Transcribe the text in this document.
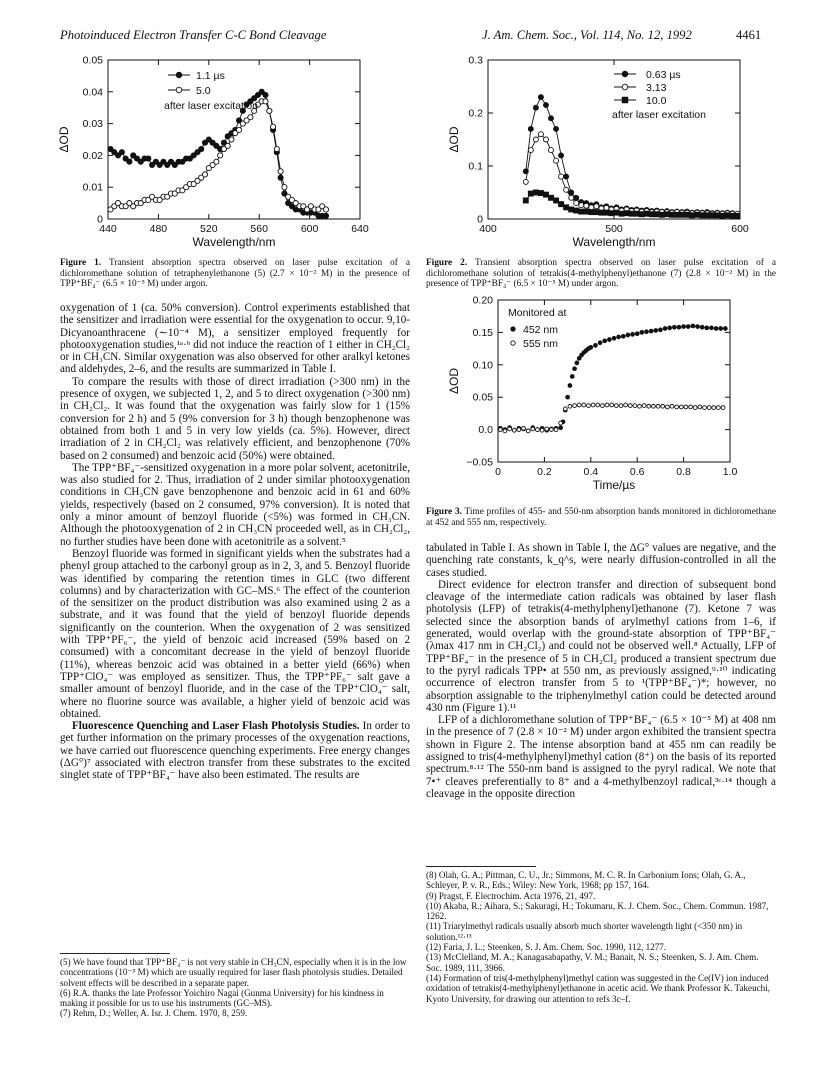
Photoinduced Electron Transfer C-C Bond Cleavage	J. Am. Chem. Soc., Vol. 114, No. 12, 1992	4461
440	480	520	560	600	640
0
0.01
0.02
0.03
0.04
0.05
Wavelength/nm
ΔOD
1.1 µs
5.0
after laser excitation
Figure 1. Transient absorption spectra observed on laser pulse excitation of a dichloromethane solution of tetraphenylethanone (5) (2.7 × 10⁻² M) in the presence of TPP⁺BF₄⁻ (6.5 × 10⁻⁵ M) under argon.
400	500	600
0
0.1
0.2
0.3
Wavelength/nm
ΔOD
0.63 µs
3.13
10.0
after laser excitation
Figure 2. Transient absorption spectra observed on laser pulse excitation of a dichloromethane solution of tetrakis(4-methylphenyl)ethanone (7) (2.8 × 10⁻² M) in the presence of TPP⁺BF₄⁻ (6.5 × 10⁻⁵ M) under argon.
0	0.2	0.4	0.6	0.8	1.0
−0.05
0.0
0.05
0.10
0.15
0.20
Time/µs
ΔOD
Monitored at
452 nm
555 nm
Figure 3. Time profiles of 455- and 550-nm absorption bands monitored in dichloromethane at 452 and 555 nm, respectively.

oxygenation of 1 (ca. 50% conversion). Control experiments established that the sensitizer and irradiation were essential for the oxygenation to occur. 9,10-Dicyanoanthracene (∼10⁻⁴ M), a sensitizer employed frequently for photooxygenation studies,¹ᵃ·ᵇ did not induce the reaction of 1 either in CH₂Cl₂ or in CH₃CN. Similar oxygenation was also observed for other aralkyl ketones and aldehydes, 2–6, and the results are summarized in Table I.

To compare the results with those of direct irradiation (>300 nm) in the presence of oxygen, we subjected 1, 2, and 5 to direct oxygenation (>300 nm) in CH₂Cl₂. It was found that the oxygenation was fairly slow for 1 (15% conversion for 2 h) and 5 (9% conversion for 3 h) though benzophenone was obtained from both 1 and 5 in very low yields (ca. 5%). However, direct irradiation of 2 in CH₂Cl₂ was relatively efficient, and benzophenone (70% based on 2 consumed) and benzoic acid (50%) were obtained.

The TPP⁺BF₄⁻-sensitized oxygenation in a more polar solvent, acetonitrile, was also studied for 2. Thus, irradiation of 2 under similar photooxygenation conditions in CH₃CN gave benzophenone and benzoic acid in 61 and 60% yields, respectively (based on 2 consumed, 97% conversion). It is noted that only a minor amount of benzoyl fluoride (<5%) was formed in CH₃CN. Although the photooxygenation of 2 in CH₃CN proceeded well, as in CH₂Cl₂, no further studies have been done with acetonitrile as a solvent.⁵

Benzoyl fluoride was formed in significant yields when the substrates had a phenyl group attached to the carbonyl group as in 2, 3, and 5. Benzoyl fluoride was identified by comparing the retention times in GLC (two different columns) and by characterization with GC–MS.⁶ The effect of the counterion of the sensitizer on the product distribution was also examined using 2 as a substrate, and it was found that the yield of benzoyl fluoride depends significantly on the counterion. When the oxygenation of 2 was sensitized with TPP⁺PF₆⁻, the yield of benzoic acid increased (59% based on 2 consumed) with a concomitant decrease in the yield of benzoyl fluoride (11%), whereas benzoic acid was obtained in a better yield (66%) when TPP⁺ClO₄⁻ was employed as sensitizer. Thus, the TPP⁺PF₆⁻ salt gave a smaller amount of benzoyl fluoride, and in the case of the TPP⁺ClO₄⁻ salt, where no fluorine source was available, a higher yield of benzoic acid was obtained.

Fluorescence Quenching and Laser Flash Photolysis Studies. In order to get further information on the primary processes of the oxygenation reactions, we have carried out fluorescence quenching experiments. Free energy changes (ΔG°)⁷ associated with electron transfer from these substrates to the excited singlet state of TPP⁺BF₄⁻ have also been estimated. The results are

(5) We have found that TPP⁺BF₄⁻ is not very stable in CH₃CN, especially when it is in the low concentrations (10⁻⁵ M) which are usually required for laser flash photolysis studies. Detailed solvent effects will be described in a separate paper.
(6) R.A. thanks the late Professor Yoichiro Nagai (Gunma University) for his kindness in making it possible for us to use his instruments (GC–MS).
(7) Rehm, D.; Weller, A. Isr. J. Chem. 1970, 8, 259.

tabulated in Table I. As shown in Table I, the ΔG° values are negative, and the quenching rate constants, k_q^s, were nearly diffusion-controlled in all the cases studied.

Direct evidence for electron transfer and direction of subsequent bond cleavage of the intermediate cation radicals was obtained by laser flash photolysis (LFP) of tetrakis(4-methylphenyl)ethanone (7). Ketone 7 was selected since the absorption bands of arylmethyl cations from 1–6, if generated, would overlap with the ground-state absorption of TPP⁺BF₄⁻ (λmax 417 nm in CH₂Cl₂) and could not be observed well.⁸ Actually, LFP of TPP⁺BF₄⁻ in the presence of 5 in CH₂Cl₂ produced a transient spectrum due to the pyryl radicals TPP• at 550 nm, as previously assigned,⁹·¹⁰ indicating occurrence of electron transfer from 5 to ¹(TPP⁺BF₄⁻)*; however, no absorption assignable to the triphenylmethyl cation could be detected around 430 nm (Figure 1).¹¹

LFP of a dichloromethane solution of TPP⁺BF₄⁻ (6.5 × 10⁻⁵ M) at 408 nm in the presence of 7 (2.8 × 10⁻² M) under argon exhibited the transient spectra shown in Figure 2. The intense absorption band at 455 nm can readily be assigned to tris(4-methylphenyl)methyl cation (8⁺) on the basis of its reported spectrum.⁸·¹² The 550-nm band is assigned to the pyryl radical. We note that 7•⁺ cleaves preferentially to 8⁺ and a 4-methylbenzoyl radical,³ᶜ·¹⁴ though a cleavage in the opposite direction

(8) Olah, G. A.; Pittman, C. U., Jr.; Simmons, M. C. R. In Carbonium Ions; Olah, G. A., Schleyer, P. v. R., Eds.; Wiley: New York, 1968; pp 157, 164.
(9) Pragst, F. Electrochim. Acta 1976, 21, 497.
(10) Akaba, R.; Aihara, S.; Sakuragi, H.; Tokumaru, K. J. Chem. Soc., Chem. Commun. 1987, 1262.
(11) Triarylmethyl radicals usually absorb much shorter wavelength light (<350 nm) in solution.¹²·¹³
(12) Faria, J. L.; Steenken, S. J. Am. Chem. Soc. 1990, 112, 1277.
(13) McClelland, M. A.; Kanagasabapathy, V. M.; Banait, N. S.; Steenken, S. J. Am. Chem. Soc. 1989, 111, 3966.
(14) Formation of tris(4-methylphenyl)methyl cation was suggested in the Ce(IV) ion induced oxidation of tetrakis(4-methylphenyl)ethanone in acetic acid. We thank Professor K. Takeuchi, Kyoto University, for drawing our attention to refs 3c–f.
